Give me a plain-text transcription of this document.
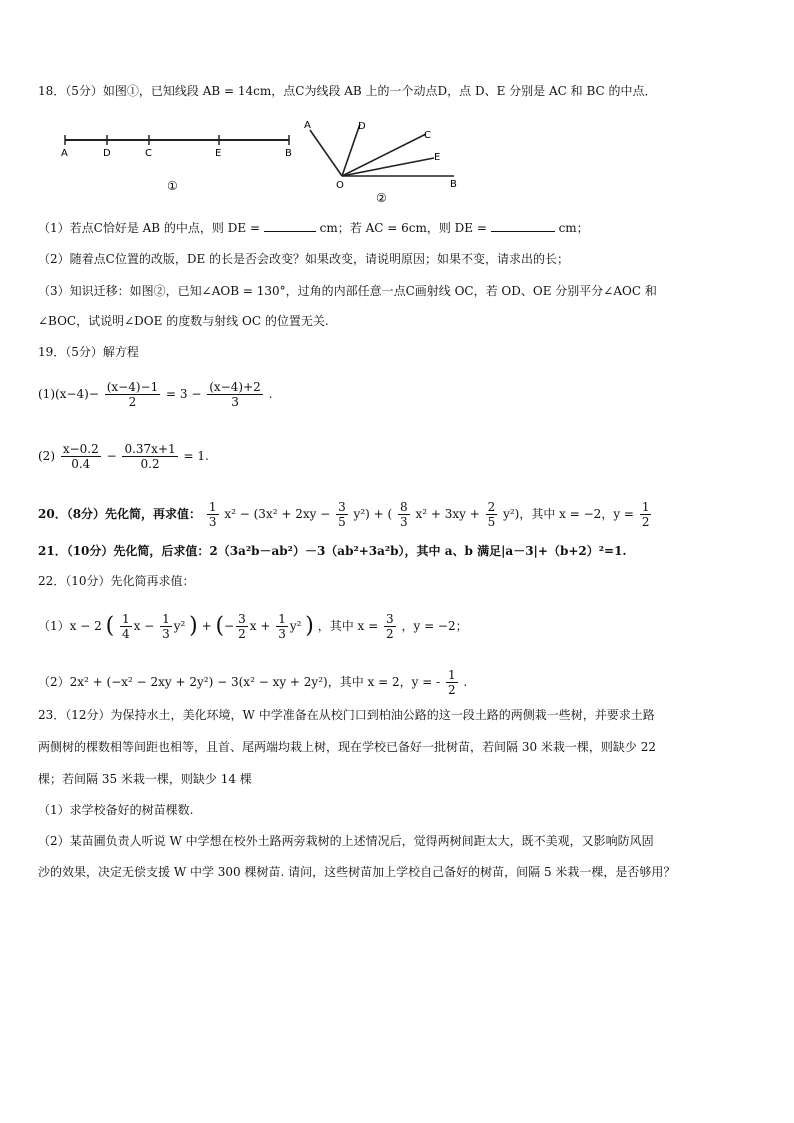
18．（5分）如图①，已知线段 AB = 14cm，点C为线段 AB 上的一个动点D，点 D、E 分别是 AC 和 BC 的中点．
A	D	C	E	B
①
A	D
C
E
B
O
②
（1）若点C恰好是 AB 的中点，则 DE =	cm；若 AC = 6cm，则 DE =	cm；
（2）随着点C位置的改版，DE 的长是否会改变？如果改变，请说明原因；如果不变，请求出的长；
（3）知识迁移：如图②，已知∠AOB = 130°，过角的内部任意一点C画射线 OC，若 OD、OE 分别平分∠AOC 和
∠BOC，试说明∠DOE 的度数与射线 OC 的位置无关.
19．（5分）解方程
$(1)(x-4)- \frac{(x-4)-1}{2} = 3 - \frac{(x-4)+2}{3}$ .
$(2) \frac{x-0.2}{0.4} - \frac{0.37x+1}{0.2} = 1$.
20．（8分）先化简，再求值： $\frac{1}{3} x^2 - (3x^2 + 2xy - \frac{3}{5} y^2)$ + ( $\frac{8}{3} x^2 + 3xy + \frac{2}{5} y^2$)，其中 x = −2，$y = \frac{1}{2}$
21．（10分）先化简，后求值：2（3a²b－ab²）－3（ab²+3a²b），其中 a、b 满足|a－3|+（b+2）²=1.
22．（10分）先化简再求值：
（1）x − 2 ( $\frac{1}{4}$ $x - \frac{1}{3} y^2$ ) + (− $\frac{3}{2}$ $x + \frac{1}{3} y^2$ ) ，其中 $x = \frac{3}{2}$ ，y = −2；
（2）2x² + (−x² − 2xy + 2y²) − 3(x² − xy + 2y²)，其中 x = 2，y = - $\frac{1}{2}$ .
23．（12分）为保持水土，美化环境，W 中学准备在从校门口到柏油公路的这一段土路的两侧栽一些树，并要求土路
两侧树的棵数相等间距也相等，且首、尾两端均栽上树，现在学校已备好一批树苗，若间隔 30 米栽一棵，则缺少 22
棵；若间隔 35 米栽一棵，则缺少 14 棵
（1）求学校备好的树苗棵数.
（2）某苗圃负责人听说 W 中学想在校外土路两旁栽树的上述情况后，觉得两树间距太大，既不美观，又影响防风固
沙的效果，决定无偿支援 W 中学 300 棵树苗. 请问，这些树苗加上学校自己备好的树苗，间隔 5 米栽一棵，是否够用？
